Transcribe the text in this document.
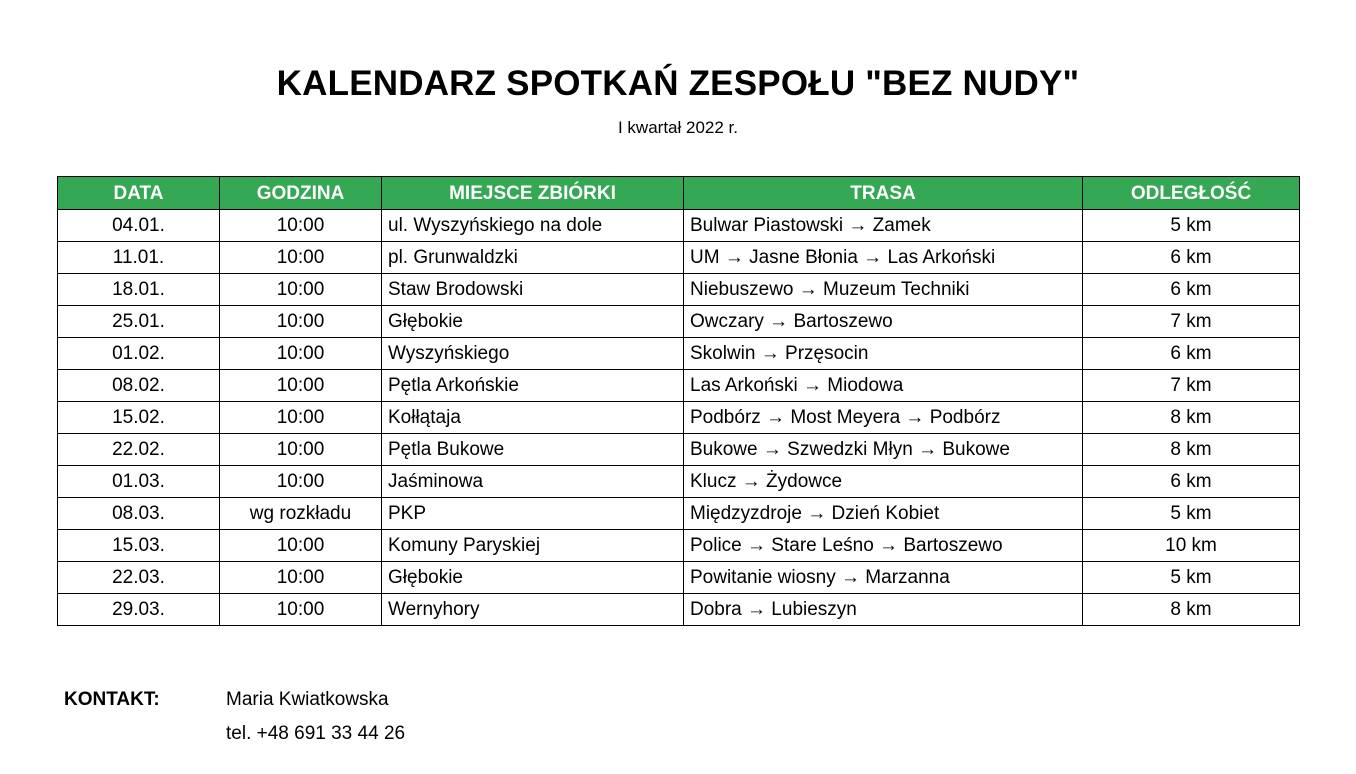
KALENDARZ SPOTKAŃ ZESPOŁU "BEZ NUDY"
I kwartał 2022 r.
DATA	GODZINA	MIEJSCE ZBIÓRKI	TRASA	ODLEGŁOŚĆ
04.01.	10:00	ul. Wyszyńskiego na dole	Bulwar Piastowski → Zamek	5 km
11.01.	10:00	pl. Grunwaldzki	UM → Jasne Błonia → Las Arkoński	6 km
18.01.	10:00	Staw Brodowski	Niebuszewo → Muzeum Techniki	6 km
25.01.	10:00	Głębokie	Owczary → Bartoszewo	7 km
01.02.	10:00	Wyszyńskiego	Skolwin → Przęsocin	6 km
08.02.	10:00	Pętla Arkońskie	Las Arkoński → Miodowa	7 km
15.02.	10:00	Kołłątaja	Podbórz → Most Meyera → Podbórz	8 km
22.02.	10:00	Pętla Bukowe	Bukowe → Szwedzki Młyn → Bukowe	8 km
01.03.	10:00	Jaśminowa	Klucz → Żydowce	6 km
08.03.	wg rozkładu	PKP	Międzyzdroje → Dzień Kobiet	5 km
15.03.	10:00	Komuny Paryskiej	Police → Stare Leśno → Bartoszewo	10 km
22.03.	10:00	Głębokie	Powitanie wiosny → Marzanna	5 km
29.03.	10:00	Wernyhory	Dobra → Lubieszyn	8 km
KONTAKT:	Maria Kwiatkowska
tel. +48 691 33 44 26
